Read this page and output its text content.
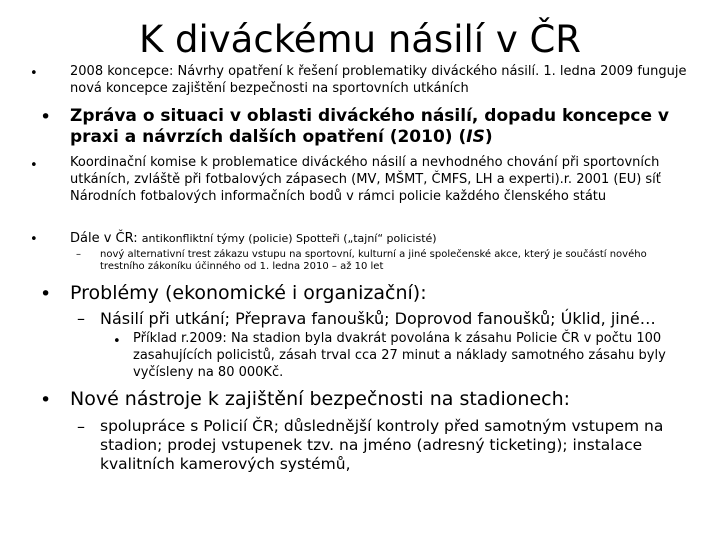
K diváckému násilí v ČR
• 2008 koncepce: Návrhy opatření k řešení problematiky diváckého násilí. 1. ledna 2009 funguje nová koncepce zajištění bezpečnosti na sportovních utkáních
• Zpráva o situaci v oblasti diváckého násilí, dopadu koncepce v praxi a návrzích dalších opatření (2010) (IS)
• Koordinační komise k problematice diváckého násilí a nevhodného chování při sportovních utkáních, zvláště při fotbalových zápasech (MV, MŠMT, ČMFS, LH a experti).r. 2001 (EU) síť Národních fotbalových informačních bodů v rámci policie každého členského státu
• Dále v ČR: antikonfliktní týmy (policie) Spotteři („tajní“ policisté)
– nový alternativní trest zákazu vstupu na sportovní, kulturní a jiné společenské akce, který je součástí nového trestního zákoníku účinného od 1. ledna 2010 – až 10 let
• Problémy (ekonomické i organizační):
– Násilí při utkání; Přeprava fanoušků; Doprovod fanoušků; Úklid, jiné…
• Příklad r.2009: Na stadion byla dvakrát povolána k zásahu Policie ČR v počtu 100 zasahujících policistů, zásah trval cca 27 minut a náklady samotného zásahu byly vyčísleny na 80 000Kč.
• Nové nástroje k zajištění bezpečnosti na stadionech:
– spolupráce s Policií ČR; důslednější kontroly před samotným vstupem na stadion; prodej vstupenek tzv. na jméno (adresný ticketing); instalace kvalitních kamerových systémů,
